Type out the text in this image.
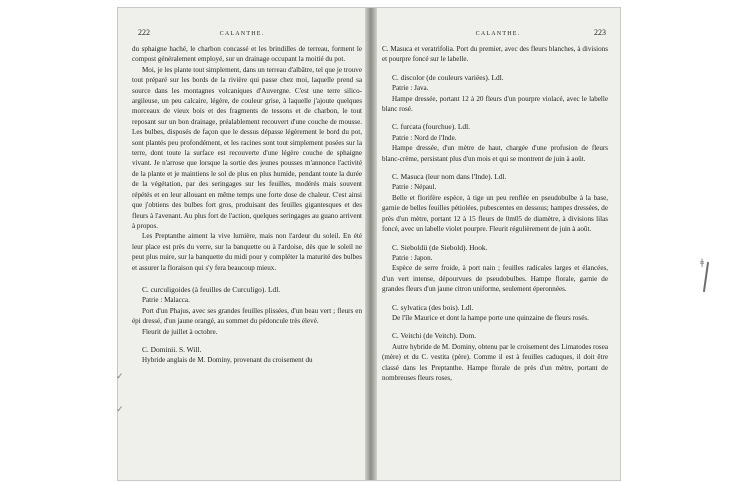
222	CALANTHE.

du sphaigne haché, le charbon concassé et les brindilles de terreau, forment le compost généralement employé, sur un drainage occupant la moitié du pot.

Moi, je les plante tout simplement, dans un terreau d'albâtre, tel que je trouve tout préparé sur les bords de la rivière qui passe chez moi, laquelle prend sa source dans les montagnes volcaniques d'Auvergne. C'est une terre silico-argileuse, un peu calcaire, légère, de couleur grise, à laquelle j'ajoute quelques morceaux de vieux bois et des fragments de tessons et de charbon, le tout reposant sur un bon drainage, préalablement recouvert d'une couche de mousse. Les bulbes, disposés de façon que le dessus dépasse légèrement le bord du pot, sont plantés peu profondément, et les racines sont tout simplement posées sur la terre, dont toute la surface est recouverte d'une légère couche de sphaigne vivant. Je n'arrose que lorsque la sortie des jeunes pousses m'annonce l'activité de la plante et je maintiens le sol de plus en plus humide, pendant toute la durée de la végétation, par des seringages sur les feuilles, modérés mais souvent répétés et en leur allouant en même temps une forte dose de chaleur. C'est ainsi que j'obtiens des bulbes fort gros, produisant des feuilles gigantesques et des fleurs à l'avenant. Au plus fort de l'action, quelques seringages au guano arrivent à propos.

Les Preptanthe aiment la vive lumière, mais non l'ardeur du soleil. En été leur place est près du verre, sur la banquette ou à l'ardoise, dès que le soleil ne peut plus nuire, sur la banquette du midi pour y compléter la maturité des bulbes et assurer la floraison qui s'y fera beaucoup mieux.

C. curculigoides (à feuilles de Curculigo). Ldl.

Patrie : Malacca.

Port d'un Phajus, avec ses grandes feuilles plissées, d'un beau vert ; fleurs en épi dressé, d'un jaune orangé, au sommet du pédoncule très élevé.

Fleurit de juillet à octobre.

C. Dominii. S. Will.

Hybride anglais de M. Dominy, provenant du croisement du

CALANTHE.	223

C. Masuca et veratrifolia. Port du premier, avec des fleurs blanches, à divisions et pourpre foncé sur le labelle.

C. discolor (de couleurs variées). Ldl.

Patrie : Java.

Hampe dressée, portant 12 à 20 fleurs d'un pourpre violacé, avec le labelle blanc rosé.

C. furcata (fourchue). Ldl.

Patrie : Nord de l'Inde.

Hampe dressée, d'un mètre de haut, chargée d'une profusion de fleurs blanc-crème, persistant plus d'un mois et qui se montrent de juin à août.

C. Masuca (leur nom dans l'Inde). Ldl.

Patrie : Népaul.

Belle et florifère espèce, à tige un peu renflée en pseudobulbe à la base, garnie de belles feuilles pétiolées, pubescentes en dessous; hampes dressées, de près d'un mètre, portant 12 à 15 fleurs de 0m05 de diamètre, à divisions lilas foncé, avec un labelle violet pourpre. Fleurit régulièrement de juin à août.

C. Sieboldii (de Siebold). Hook.

Patrie : Japon.

Espèce de serre froide, à port nain ; feuilles radicales larges et élancées, d'un vert intense, dépourvues de pseudobulbes. Hampe florale, garnie de grandes fleurs d'un jaune citron uniforme, seulement éperonnées.

C. sylvatica (des bois). Ldl.

De l'île Maurice et dont la hampe porte une quinzaine de fleurs rosés.

C. Veitchi (de Veitch). Dom.

Autre hybride de M. Dominy, obtenu par le croisement des Limatodes rosea (mère) et du C. vestita (père). Comme il est à feuilles caduques, il doit être classé dans les Preptanthe. Hampe florale de près d'un mètre, portant de nombreuses fleurs roses,

✓
✓
ǂ
